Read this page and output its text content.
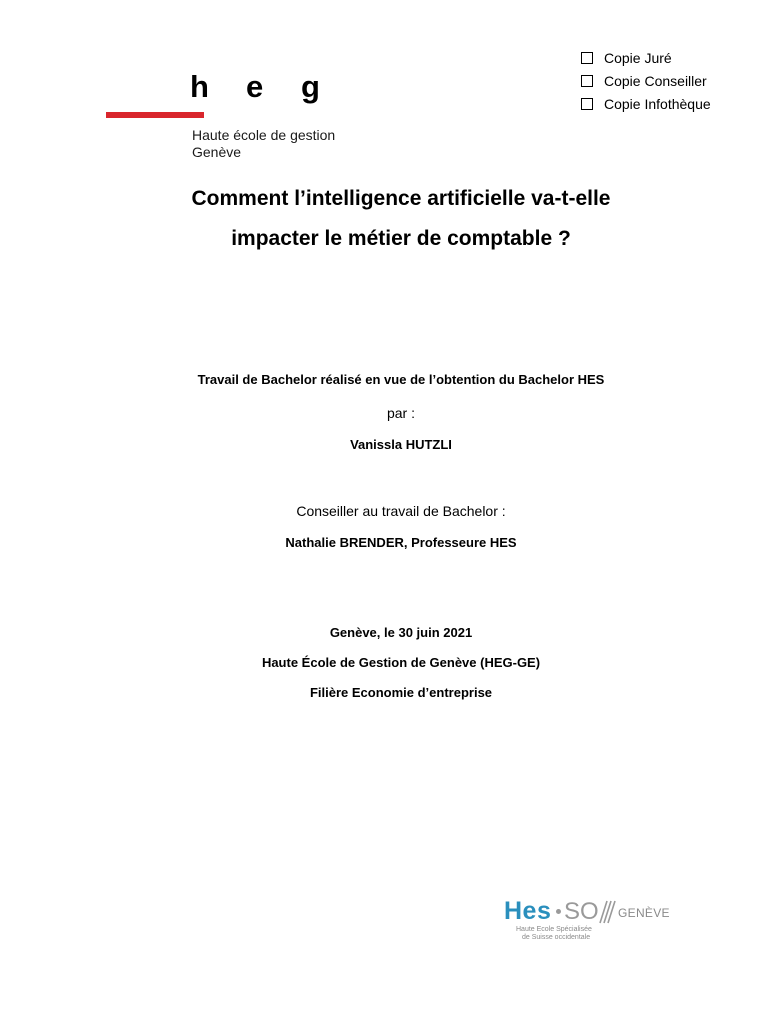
h e g
Haute école de gestion
Genève
Copie Juré
Copie Conseiller
Copie Infothèque
Comment l’intelligence artificielle va-t-elle
impacter le métier de comptable ?
Travail de Bachelor réalisé en vue de l’obtention du Bachelor HES
par :
Vanissla HUTZLI
Conseiller au travail de Bachelor :
Nathalie BRENDER, Professeure HES
Genève, le 30 juin 2021
Haute École de Gestion de Genève (HEG-GE)
Filière Economie d’entreprise
Hes SO GENÈVE
Haute Ecole Spécialisée
de Suisse occidentale
